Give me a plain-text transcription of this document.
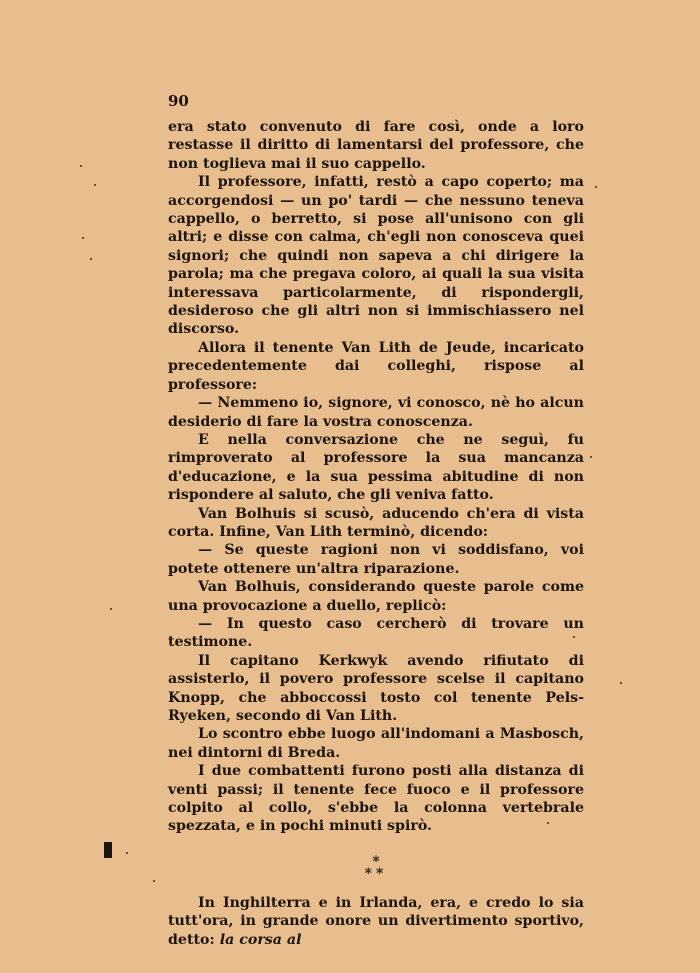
90

era stato convenuto di fare così, onde a loro restasse il diritto di lamentarsi del professore, che non toglieva mai il suo cappello.

Il professore, infatti, restò a capo coperto; ma accorgendosi — un po' tardi — che nessuno teneva cappello, o berretto, si pose all'unisono con gli altri; e disse con calma, ch'egli non conosceva quei signori; che quindi non sapeva a chi dirigere la parola; ma che pregava coloro, ai quali la sua visita interessava particolarmente, di rispondergli, desideroso che gli altri non si immischiassero nel discorso.

Allora il tenente Van Lith de Jeude, incaricato precedentemente dai colleghi, rispose al professore:

— Nemmeno io, signore, vi conosco, nè ho alcun desiderio di fare la vostra conoscenza.

E nella conversazione che ne seguì, fu rimproverato al professore la sua mancanza d'educazione, e la sua pessima abitudine di non rispondere al saluto, che gli veniva fatto.

Van Bolhuis si scusò, aducendo ch'era di vista corta. Infine, Van Lith terminò, dicendo:

— Se queste ragioni non vi soddisfano, voi potete ottenere un'altra riparazione.

Van Bolhuis, considerando queste parole come una provocazione a duello, replicò:

— In questo caso cercherò di trovare un testimone.

Il capitano Kerkwyk avendo rifiutato di assisterlo, il povero professore scelse il capitano Knopp, che abboccossi tosto col tenente Pels-Ryeken, secondo di Van Lith.

Lo scontro ebbe luogo all'indomani a Masbosch, nei dintorni di Breda.

I due combattenti furono posti alla distanza di venti passi; il tenente fece fuoco e il professore colpito al collo, s'ebbe la colonna vertebrale spezzata, e in pochi minuti spirò.

*
**

In Inghilterra e in Irlanda, era, e credo lo sia tutt'ora, in grande onore un divertimento sportivo, detto: la corsa al
